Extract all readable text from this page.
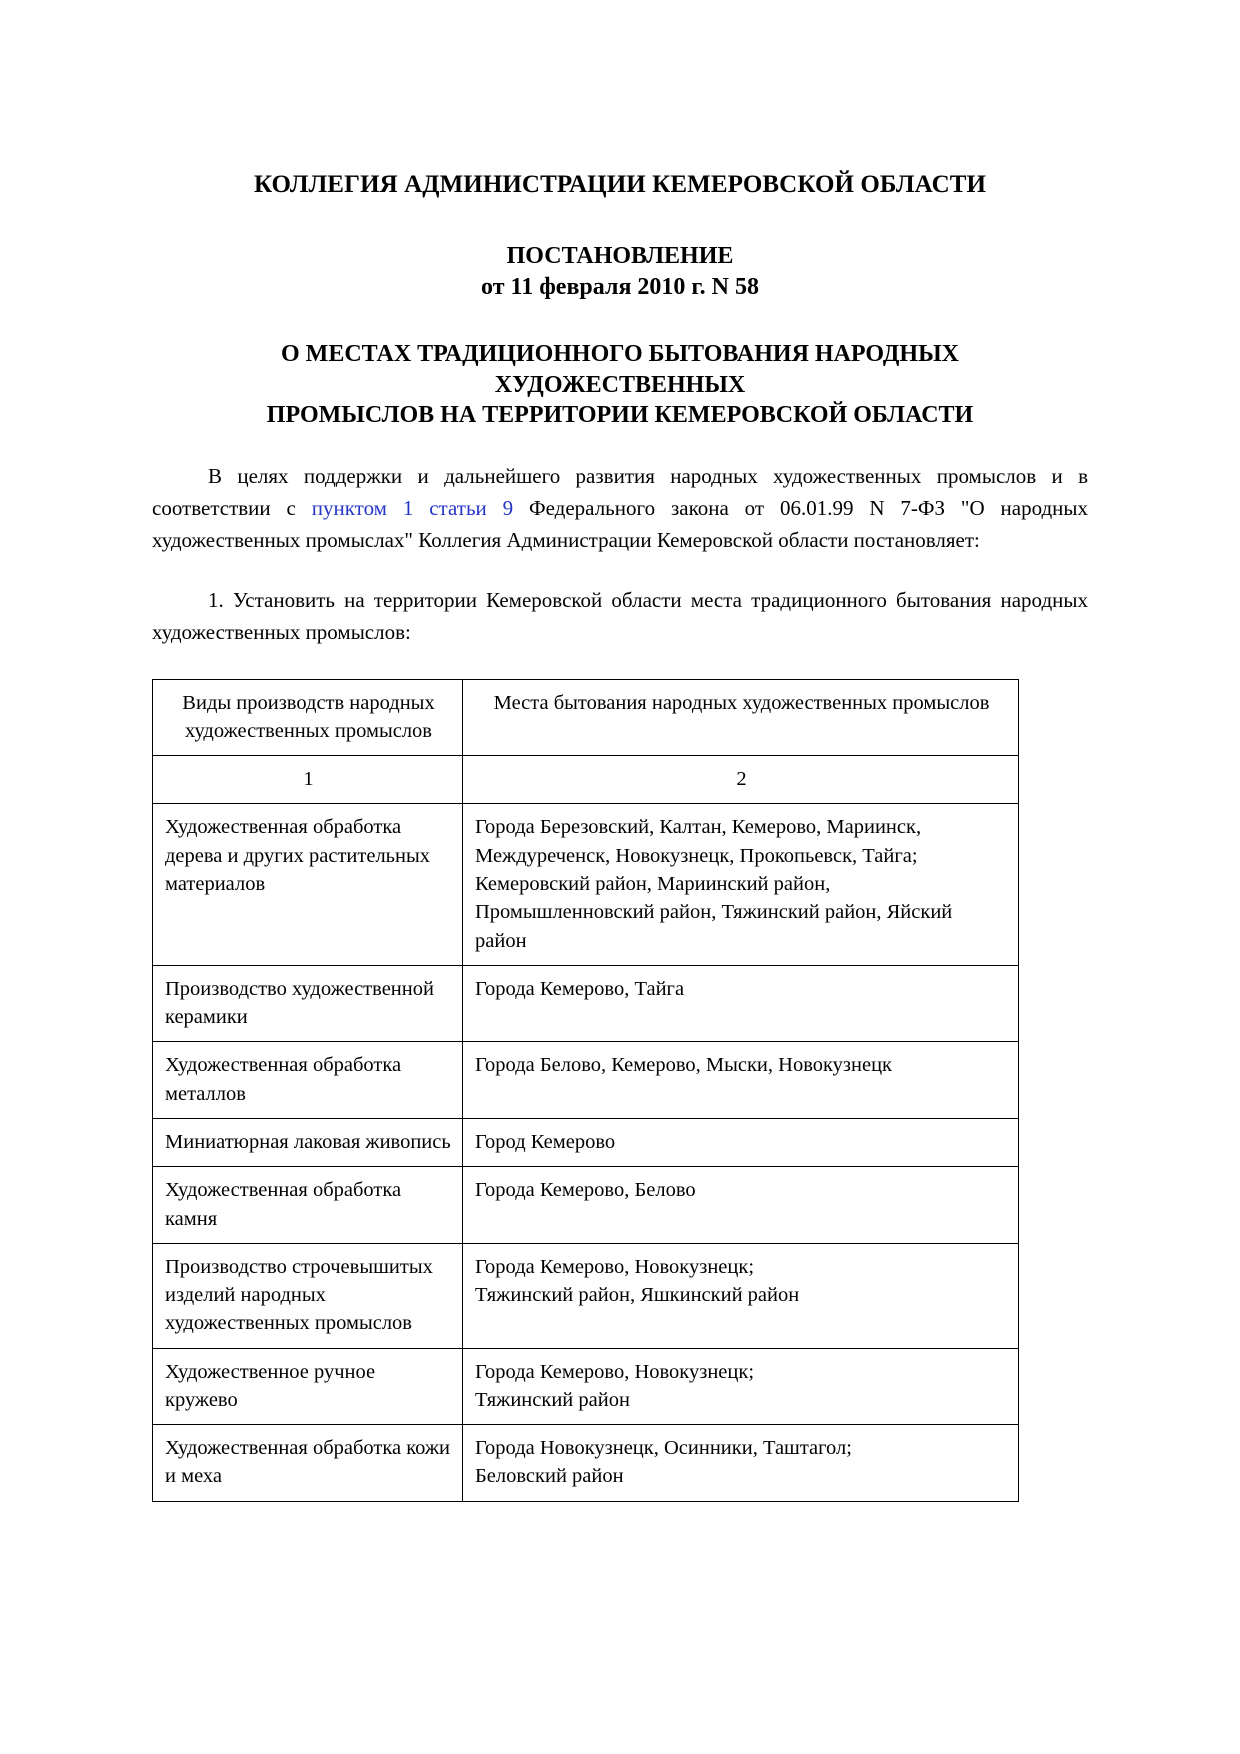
КОЛЛЕГИЯ АДМИНИСТРАЦИИ КЕМЕРОВСКОЙ ОБЛАСТИ
ПОСТАНОВЛЕНИЕ
от 11 февраля 2010 г. N 58
О МЕСТАХ ТРАДИЦИОННОГО БЫТОВАНИЯ НАРОДНЫХ
ХУДОЖЕСТВЕННЫХ
ПРОМЫСЛОВ НА ТЕРРИТОРИИ КЕМЕРОВСКОЙ ОБЛАСТИ

В целях поддержки и дальнейшего развития народных художественных промыслов и в соответствии с пунктом 1 статьи 9 Федерального закона от 06.01.99 N 7-ФЗ "О народных художественных промыслах" Коллегия Администрации Кемеровской области постановляет:

1. Установить на территории Кемеровской области места традиционного бытования народных художественных промыслов:

Виды производств народных художественных промыслов	Места бытования народных художественных промыслов
1	2
Художественная обработка дерева и других растительных материалов	Города Березовский, Калтан, Кемерово, Мариинск,
Междуреченск, Новокузнецк, Прокопьевск, Тайга;
Кемеровский район, Мариинский район,
Промышленновский район, Тяжинский район, Яйский
район

Производство художественной керамики	Города Кемерово, Тайга

Художественная обработка металлов	Города Белово, Кемерово, Мыски, Новокузнецк

Миниатюрная лаковая живопись	Город Кемерово

Художественная обработка камня	Города Кемерово, Белово

Производство строчевышитых изделий народных художественных промыслов	Города Кемерово, Новокузнецк;
Тяжинский район, Яшкинский район

Художественное ручное кружево	Города Кемерово, Новокузнецк;
Тяжинский район

Художественная обработка кожи и меха	Города Новокузнецк, Осинники, Таштагол;
Беловский район
